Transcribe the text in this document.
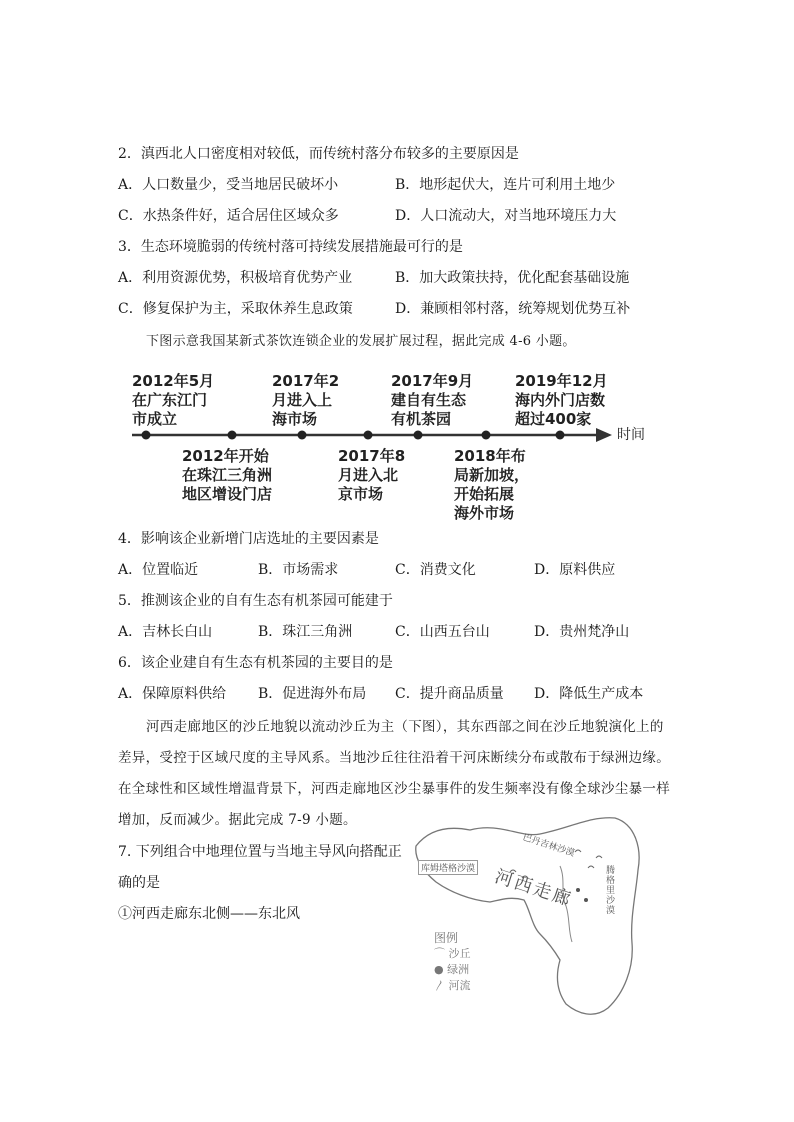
2．滇西北人口密度相对较低，而传统村落分布较多的主要原因是
A．人口数量少，受当地居民破坏小	B．地形起伏大，连片可利用土地少
C．水热条件好，适合居住区域众多	D．人口流动大，对当地环境压力大
3．生态环境脆弱的传统村落可持续发展措施最可行的是
A．利用资源优势，积极培育优势产业	B．加大政策扶持，优化配套基础设施
C．修复保护为主，采取休养生息政策	D．兼顾相邻村落，统筹规划优势互补
下图示意我国某新式茶饮连锁企业的发展扩展过程，据此完成 4-6 小题。
时间
2012年5月
在广东江门
市成立
2017年2
月进入上
海市场
2017年9月
建自有生态
有机茶园
2019年12月
海内外门店数
超过400家
2012年开始
在珠江三角洲
地区增设门店
2017年8
月进入北
京市场
2018年布
局新加坡，
开始拓展
海外市场
4．影响该企业新增门店选址的主要因素是
A．位置临近	B．市场需求	C．消费文化	D．原料供应
5．推测该企业的自有生态有机茶园可能建于
A．吉林长白山	B．珠江三角洲	C．山西五台山	D．贵州梵净山
6．该企业建自有生态有机茶园的主要目的是
A．保障原料供给 B．促进海外布局 C．提升商品质量 D．降低生产成本
河西走廊地区的沙丘地貌以流动沙丘为主（下图），其东西部之间在沙丘地貌演化上的
差异，受控于区域尺度的主导风系。当地沙丘往往沿着干河床断续分布或散布于绿洲边缘。
在全球性和区域性增温背景下，河西走廊地区沙尘暴事件的发生频率没有像全球沙尘暴一样
增加，反而减少。据此完成 7-9 小题。
7. 下列组合中地理位置与当地主导风向搭配正
确的是
①河西走廊东北侧——东北风
库姆塔格沙漠
巴丹吉林沙漠
腾格里沙漠
河西走廊
图例
⌒ 沙丘
● 绿洲
〳 河流
